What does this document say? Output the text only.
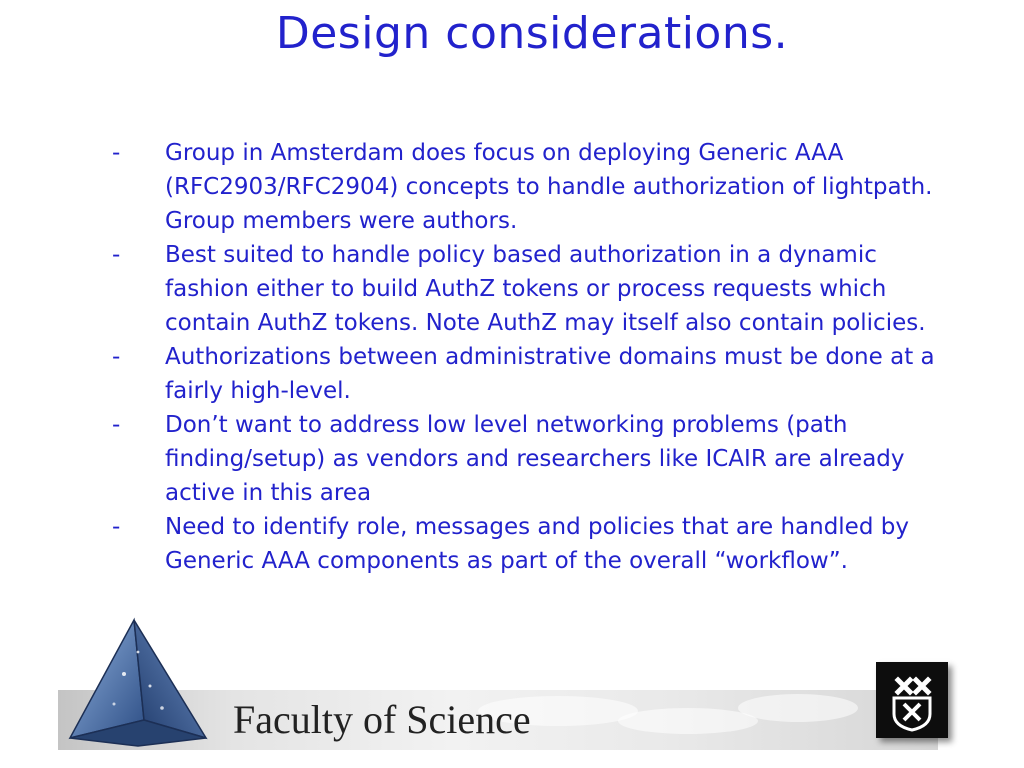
Design considerations.
- Group in Amsterdam does focus on deploying Generic AAA (RFC2903/RFC2904) concepts to handle authorization of lightpath. Group members were authors.
- Best suited to handle policy based authorization in a dynamic fashion either to build AuthZ tokens or process requests which contain AuthZ tokens. Note AuthZ may itself also contain policies.
- Authorizations between administrative domains must be done at a fairly high-level.
- Don’t want to address low level networking problems (path finding/setup) as vendors and researchers like ICAIR are already active in this area
- Need to identify role, messages and policies that are handled by Generic AAA components as part of the overall “workflow”.
Faculty of Science
